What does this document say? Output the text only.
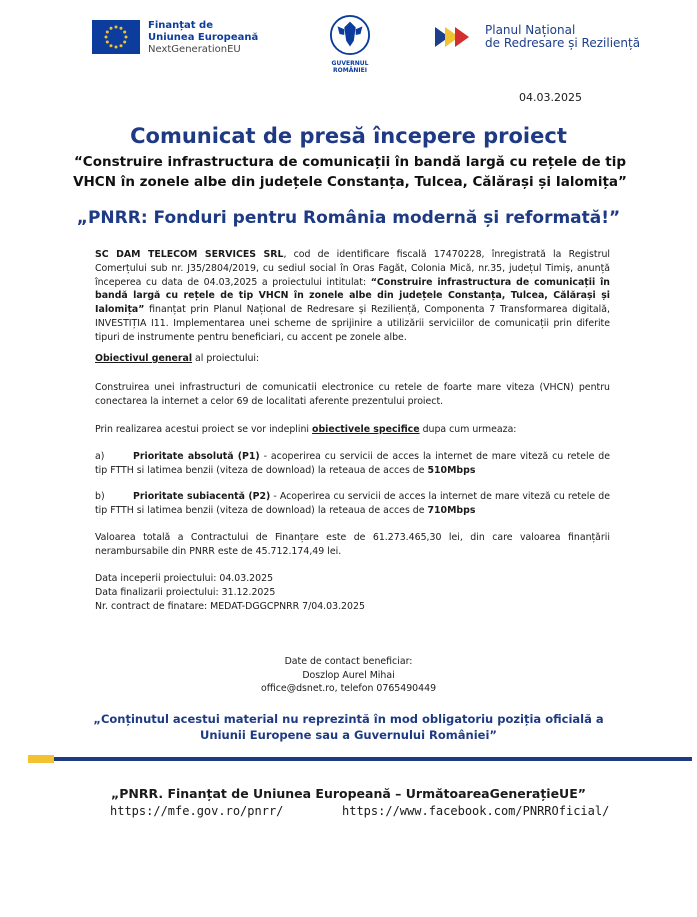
Finanțat de
Uniunea Europeană
NextGenerationEU
GUVERNUL
ROMÂNIEI
Planul Național
de Redresare și Reziliență
04.03.2025
Comunicat de presă începere proiect
“Construire infrastructura de comunicații în bandă largă cu rețele de tip VHCN în zonele albe din județele Constanța, Tulcea, Călărași și Ialomița”
„PNRR: Fonduri pentru România modernă și reformată!”
SC DAM TELECOM SERVICES SRL, cod de identificare fiscală 17470228, înregistrată la Registrul Comerțului sub nr. J35/2804/2019, cu sediul social în Oras Fagăt, Colonia Mică, nr.35, județul Timiș, anunță începerea cu data de 04.03,2025 a proiectului intitulat: “Construire infrastructura de comunicații în bandă largă cu rețele de tip VHCN în zonele albe din județele Constanța, Tulcea, Călărași și Ialomița” finanțat prin Planul Național de Redresare și Reziliență, Componenta 7 Transformarea digitală, INVESTIȚIA I11. Implementarea unei scheme de sprijinire a utilizării serviciilor de comunicații prin diferite tipuri de instrumente pentru beneficiari, cu accent pe zonele albe.
Obiectivul general al proiectului:
Construirea unei infrastructuri de comunicatii electronice cu retele de foarte mare viteza (VHCN) pentru conectarea la internet a celor 69 de localitati aferente prezentului proiect.
Prin realizarea acestui proiect se vor indeplini obiectivele specifice dupa cum urmeaza:
a)	Prioritate absolută (P1) - acoperirea cu servicii de acces la internet de mare viteză cu retele de tip FTTH si latimea benzii (viteza de download) la reteaua de acces de 510Mbps
b)	Prioritate subiacentă (P2) - Acoperirea cu servicii de acces la internet de mare viteză cu retele de tip FTTH si latimea benzii (viteza de download) la reteaua de acces de 710Mbps
Valoarea totală a Contractului de Finanțare este de 61.273.465,30 lei, din care valoarea finanțării nerambursabile din PNRR este de 45.712.174,49 lei.
Data inceperii proiectului: 04.03.2025
Data finalizarii proiectului: 31.12.2025
Nr. contract de finatare: MEDAT-DGGCPNRR 7/04.03.2025
Date de contact beneficiar:
Doszlop Aurel Mihai
office@dsnet.ro, telefon 0765490449
„Conținutul acestui material nu reprezintă în mod obligatoriu poziția oficială a
Uniunii Europene sau a Guvernului României”
„PNRR. Finanțat de Uniunea Europeană – UrmătoareaGenerațieUE”
https://mfe.gov.ro/pnrr/	https://www.facebook.com/PNRROficial/
